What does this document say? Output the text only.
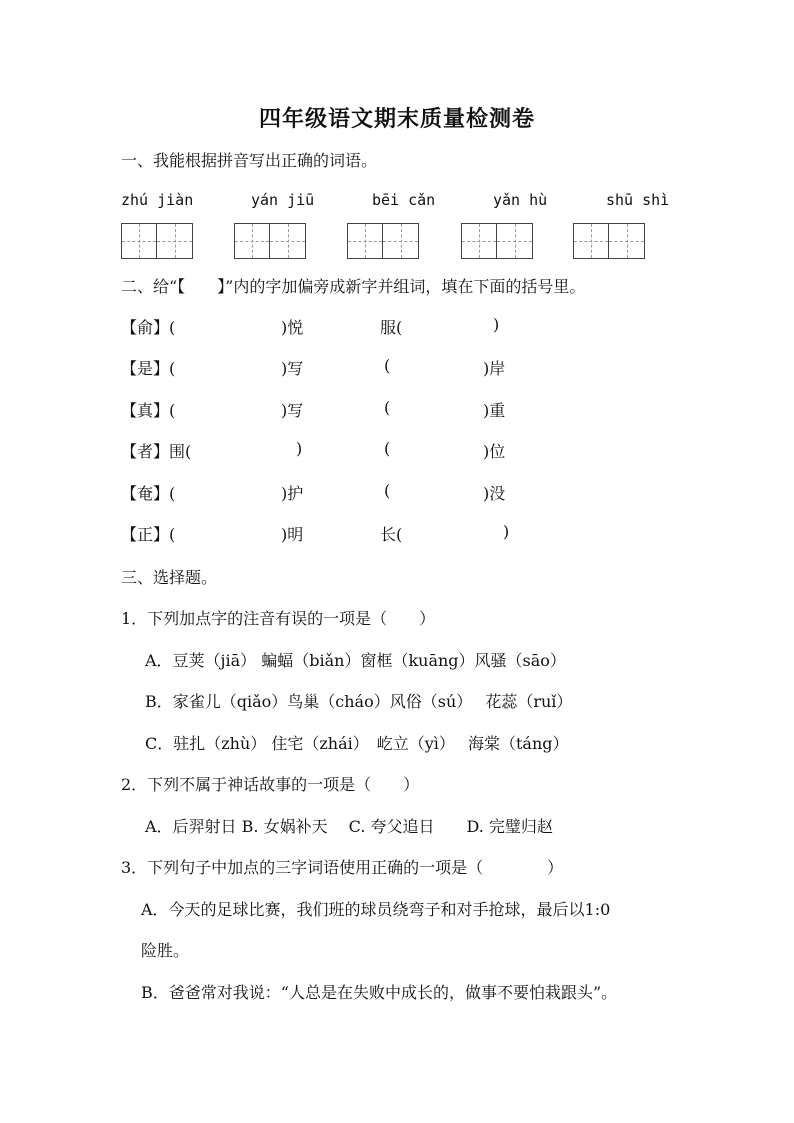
四年级语文期末质量检测卷
一、我能根据拼音写出正确的词语。
zhú jiàn	yán jiū	bēi cǎn	yǎn hù	shū shì
二、给“【　　】”内的字加偏旁成新字并组词，填在下面的括号里。
【俞】(	)悦	服(	)
【是】(	)写	(	)岸
【真】(	)写	(	)重
【者】围(	)	(	)位
【奄】(	)护	(	)没
【正】(	)明	长(	)
三、选择题。
1．下列加点字的注音有误的一项是（　　）
A．豆荚（jiā） 蝙蝠（biǎn）窗框（kuāng）风骚（sāo）
B．家雀儿（qiǎo）鸟巢（cháo）风俗（sú）　 花蕊（ruǐ）
C．驻扎（zhù） 住宅（zhái）　屹立（yì）　 海棠（táng）
2．下列不属于神话故事的一项是（　　）
A．后羿射日 B. 女娲补天　 C. 夸父追日　　D. 完璧归赵
3．下列句子中加点的三字词语使用正确的一项是（　　　　）
A．今天的足球比赛，我们班的球员绕弯子和对手抢球，最后以1:0
险胜。
B．爸爸常对我说：“人总是在失败中成长的，做事不要怕栽跟头”。
